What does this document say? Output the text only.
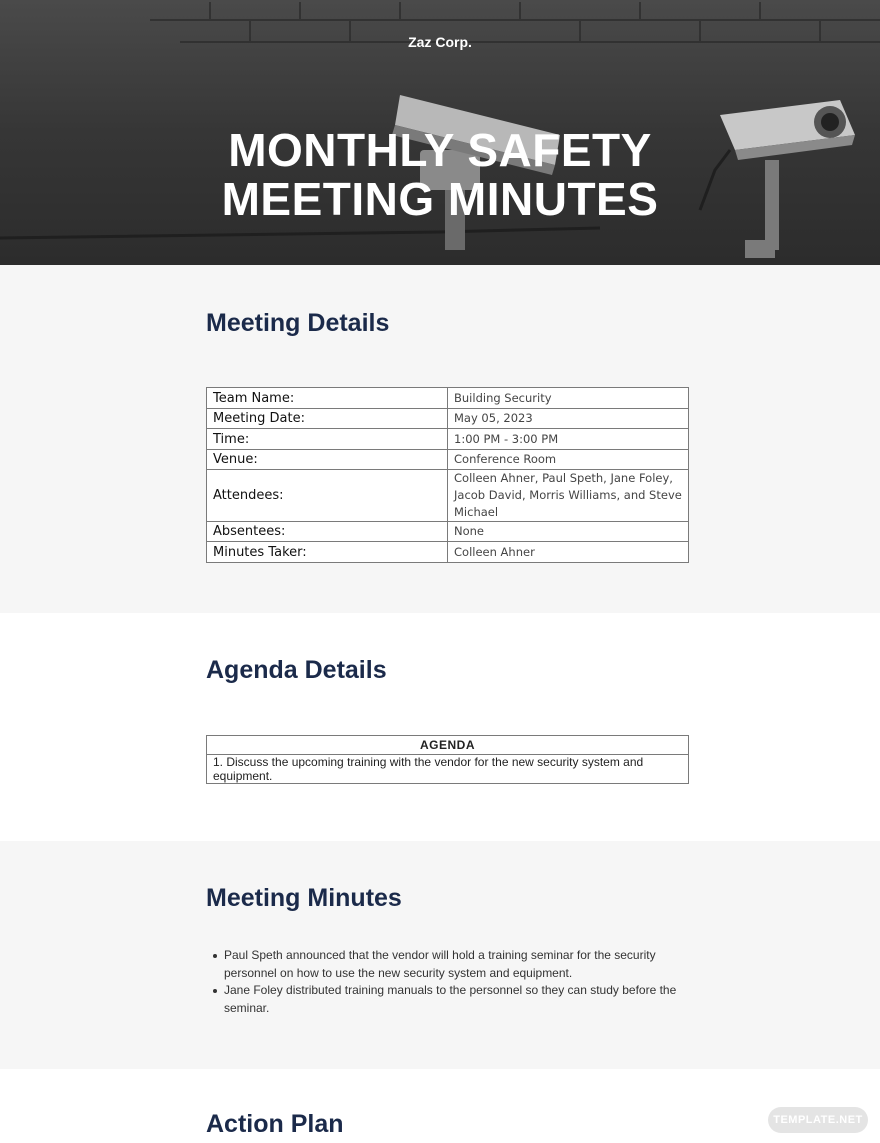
Zaz Corp.
MONTHLY SAFETY
MEETING MINUTES
Meeting Details
Team Name:	Building Security
Meeting Date:	May 05, 2023
Time:	1:00 PM - 3:00 PM
Venue:	Conference Room
Attendees:	Colleen Ahner, Paul Speth, Jane Foley, Jacob David, Morris Williams, and Steve Michael
Absentees:	None
Minutes Taker:	Colleen Ahner
Agenda Details
AGENDA
1. Discuss the upcoming training with the vendor for the new security system and equipment.
Meeting Minutes
Paul Speth announced that the vendor will hold a training seminar for the security personnel on how to use the new security system and equipment.
Jane Foley distributed training manuals to the personnel so they can study before the seminar.
Action Plan	TEMPLATE.NET
